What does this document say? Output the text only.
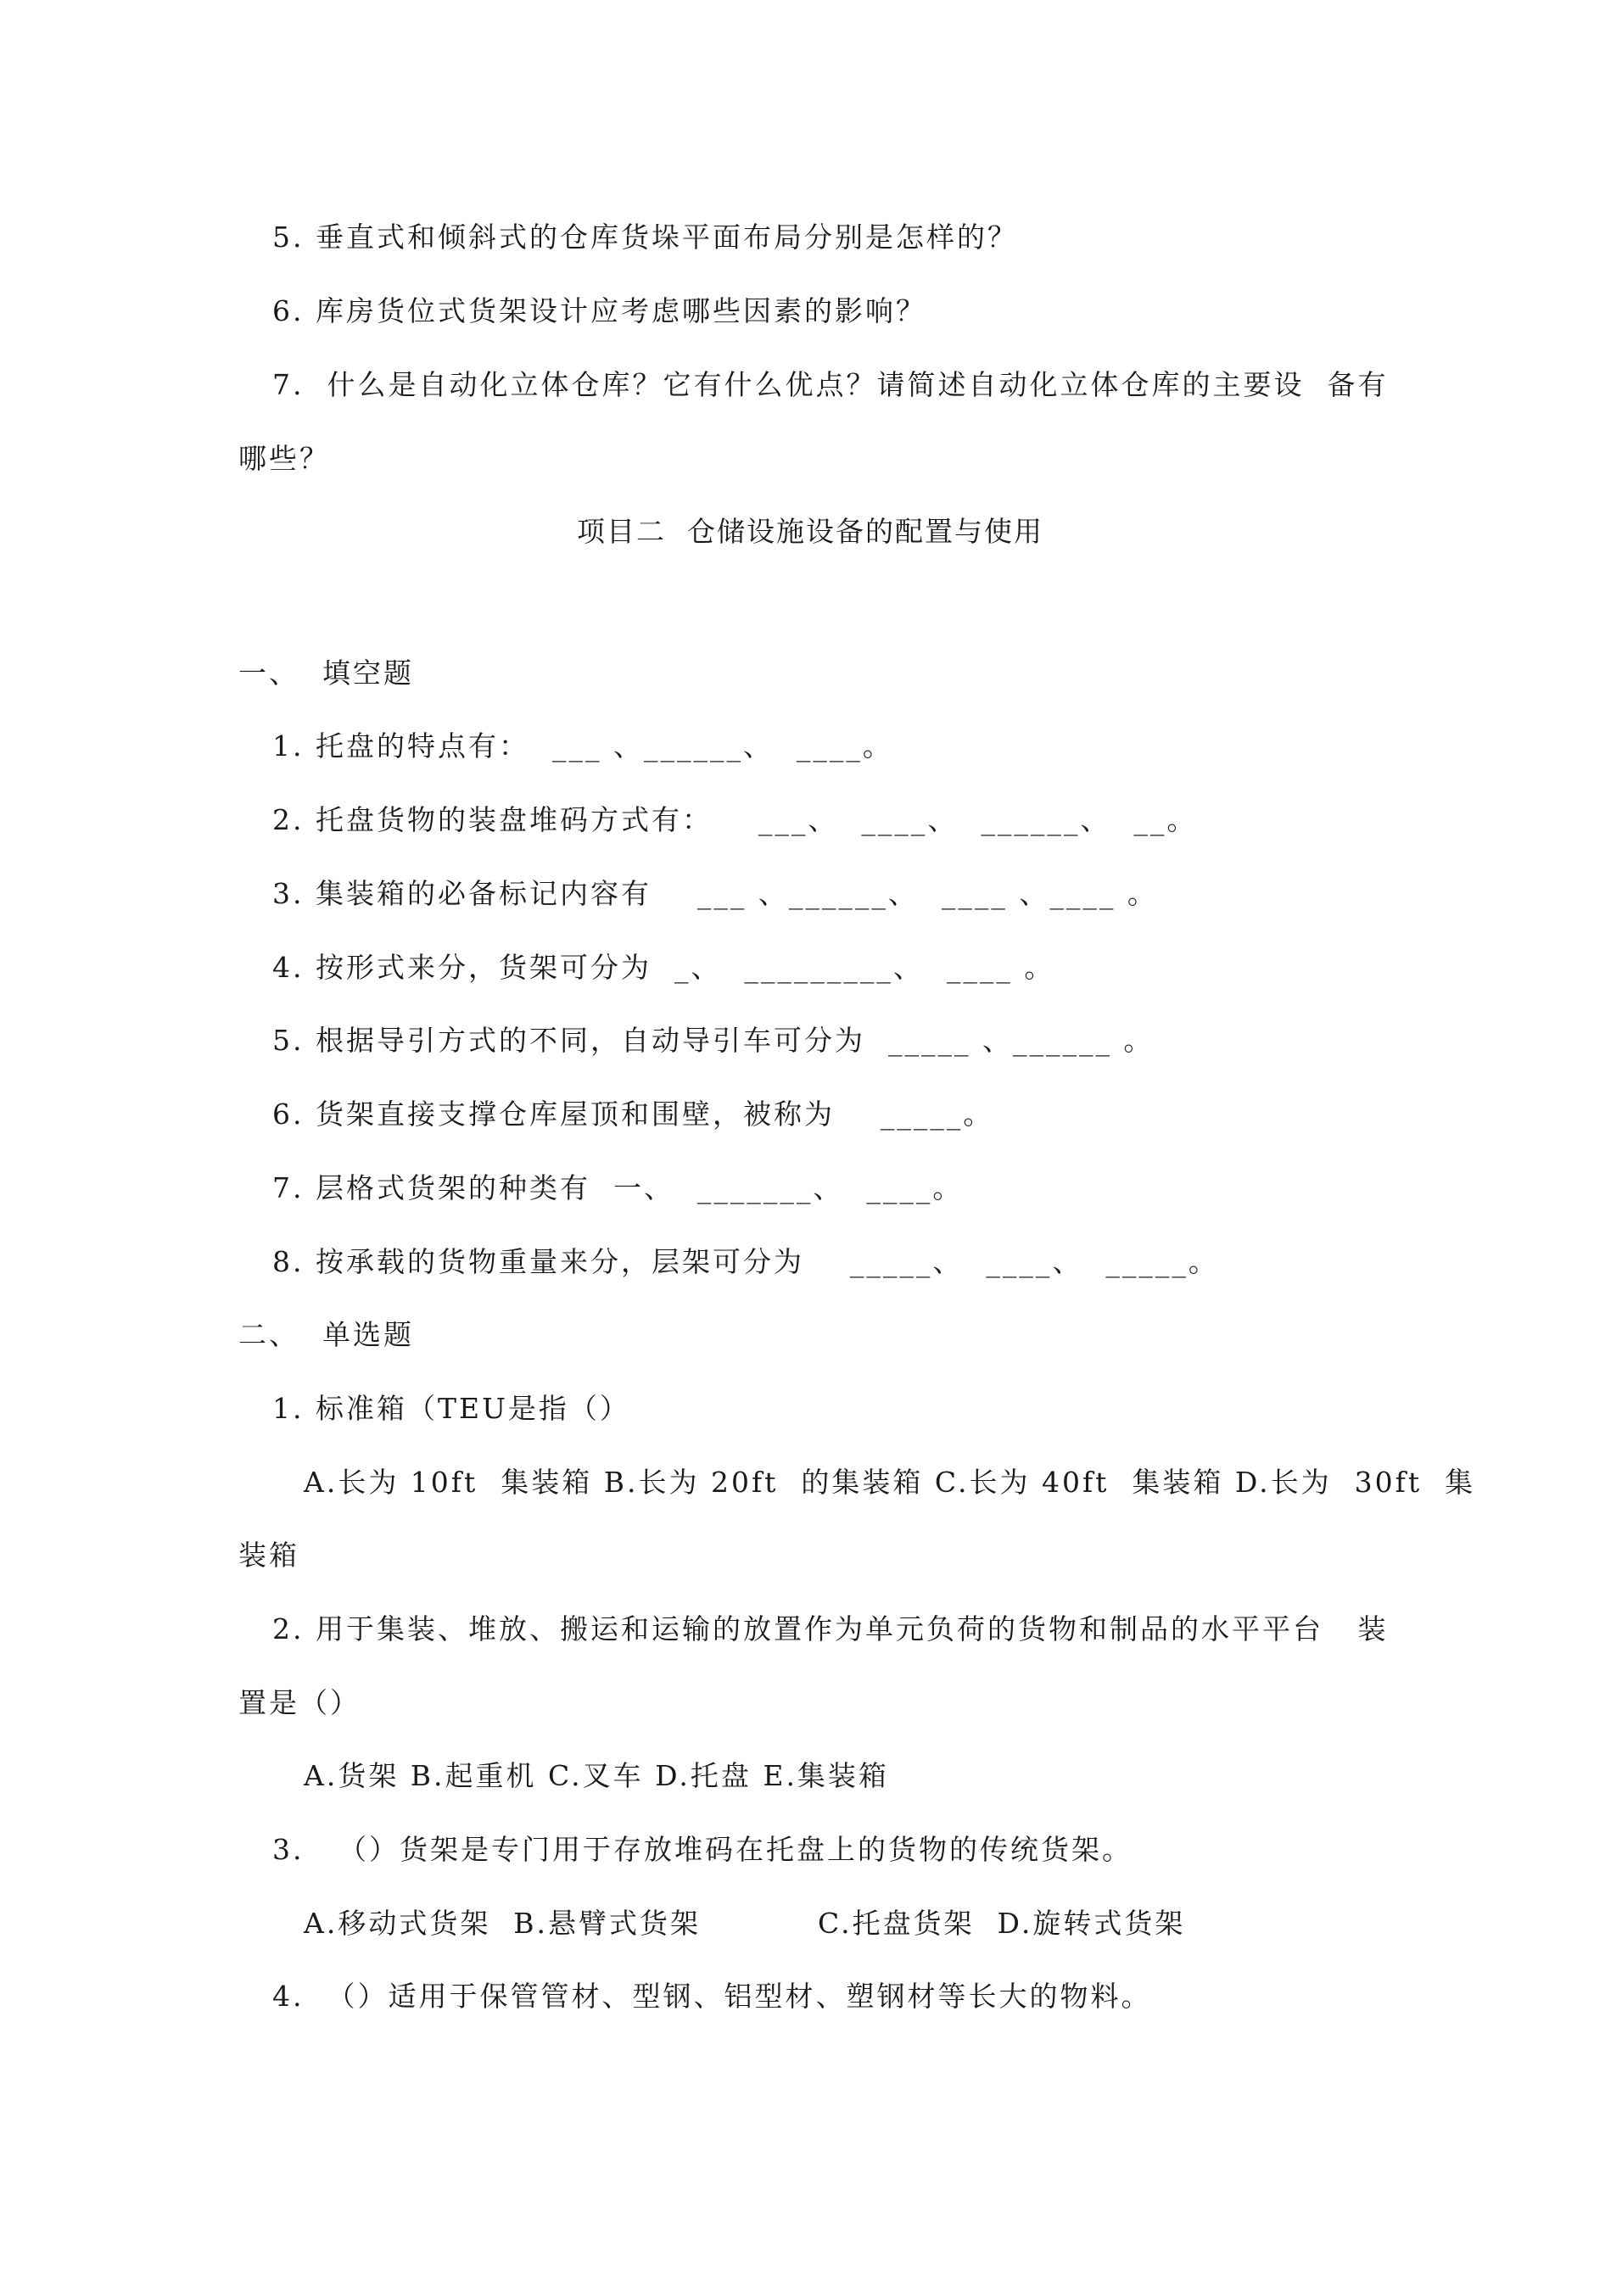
5. 垂直式和倾斜式的仓库货垛平面布局分别是怎样的？
6. 库房货位式货架设计应考虑哪些因素的影响？
7.  什么是自动化立体仓库？它有什么优点？请简述自动化立体仓库的主要设  备有
哪些？
项目二  仓储设施设备的配置与使用
一、  填空题
1. 托盘的特点有：  ___ 、______、  ____。
2. 托盘货物的装盘堆码方式有：    ___、  ____、  ______、  __。
3. 集装箱的必备标记内容有    ___ 、______、  ____ 、____ 。
4. 按形式来分，货架可分为  _、  _________、  ____ 。
5. 根据导引方式的不同，自动导引车可分为  _____ 、______ 。
6. 货架直接支撑仓库屋顶和围壁，被称为    _____。
7. 层格式货架的种类有  一、  _______、  ____。
8. 按承载的货物重量来分，层架可分为    _____、  ____、  _____。
二、  单选题
1. 标准箱（TEU是指（）
A.长为 10ft  集装箱 B.长为 20ft  的集装箱 C.长为 40ft  集装箱 D.长为  30ft  集
装箱
2. 用于集装、堆放、搬运和运输的放置作为单元负荷的货物和制品的水平平台   装
置是（）
A.货架 B.起重机 C.叉车 D.托盘 E.集装箱
3.   （）货架是专门用于存放堆码在托盘上的货物的传统货架。
A.移动式货架  B.悬臂式货架	C.托盘货架  D.旋转式货架
4.  （）适用于保管管材、型钢、铝型材、塑钢材等长大的物料。
